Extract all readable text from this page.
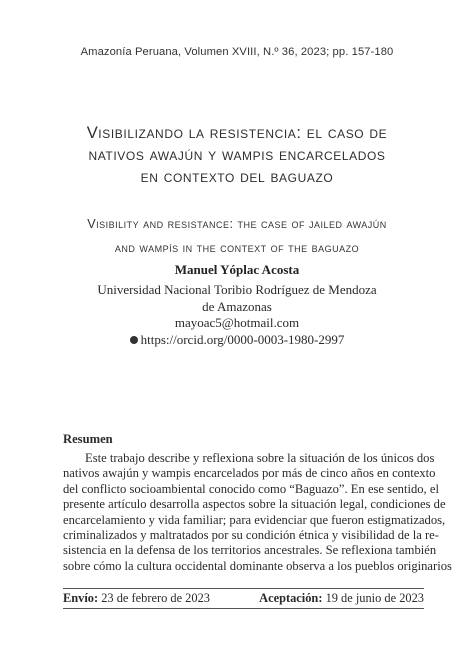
Amazonía Peruana, Volumen XVIII, N.º 36, 2023; pp. 157-180
Visibilizando la resistencia: el caso de
nativos awajún y wampis encarcelados
en contexto del baguazo
Visibility and resistance: the case of jailed awajún
and wampís in the context of the baguazo
Manuel Yóplac Acosta
Universidad Nacional Toribio Rodríguez de Mendoza
de Amazonas
mayoac5@hotmail.com
https://orcid.org/0000-0003-1980-2997
Resumen
Este trabajo describe y reflexiona sobre la situación de los únicos dos
nativos awajún y wampis encarcelados por más de cinco años en contexto
del conflicto socioambiental conocido como “Baguazo”. En ese sentido, el
presente artículo desarrolla aspectos sobre la situación legal, condiciones de
encarcelamiento y vida familiar; para evidenciar que fueron estigmatizados,
criminalizados y maltratados por su condición étnica y visibilidad de la re-
sistencia en la defensa de los territorios ancestrales. Se reflexiona también
sobre cómo la cultura occidental dominante observa a los pueblos originarios
Envío: 23 de febrero de 2023	Aceptación: 19 de junio de 2023
